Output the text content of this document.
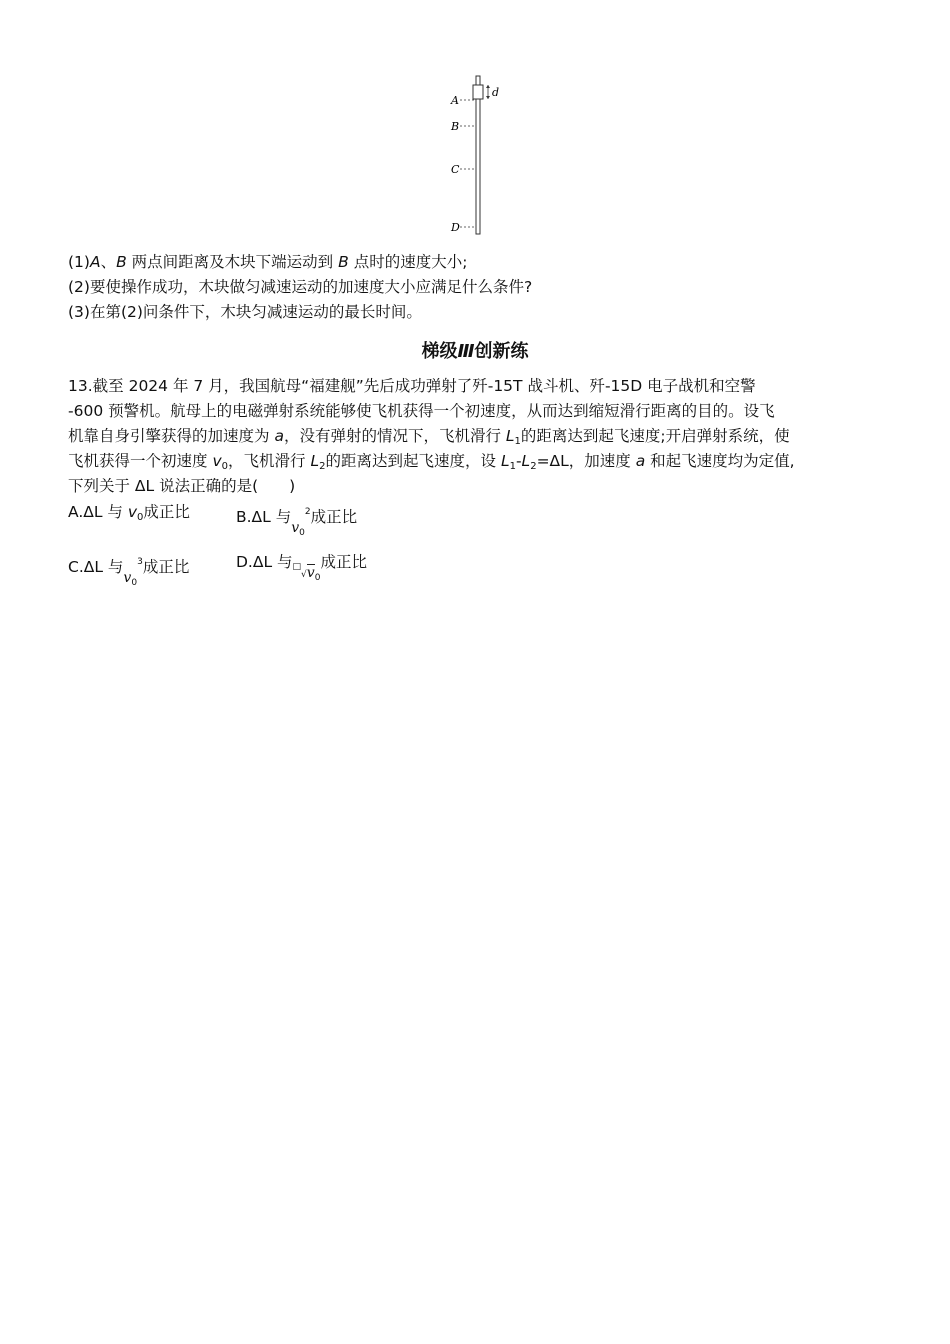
A
B
C
D
d
(1)A、B 两点间距离及木块下端运动到 B 点时的速度大小;
(2)要使操作成功，木块做匀减速运动的加速度大小应满足什么条件?
(3)在第(2)问条件下，木块匀减速运动的最长时间。
梯级Ⅲ创新练
13.截至 2024 年 7 月，我国航母“福建舰”先后成功弹射了歼-15T 战斗机、歼-15D 电子战机和空警
-600 预警机。航母上的电磁弹射系统能够使飞机获得一个初速度，从而达到缩短滑行距离的目的。设飞
机靠自身引擎获得的加速度为 a，没有弹射的情况下，飞机滑行 $L_1$的距离达到起飞速度;开启弹射系统，使
飞机获得一个初速度 $v_0$，飞机滑行 $L_2$的距离达到起飞速度，设 $L_1-L_2=\Delta L$，加速度 a 和起飞速度均为定值,
下列关于 ΔL 说法正确的是(　　)
A.ΔL 与 $v_0$成正比	B.ΔL 与$v_0^2$成正比
C.ΔL 与$v_0^3$成正比	D.ΔL 与$□_√v_0$成正比
